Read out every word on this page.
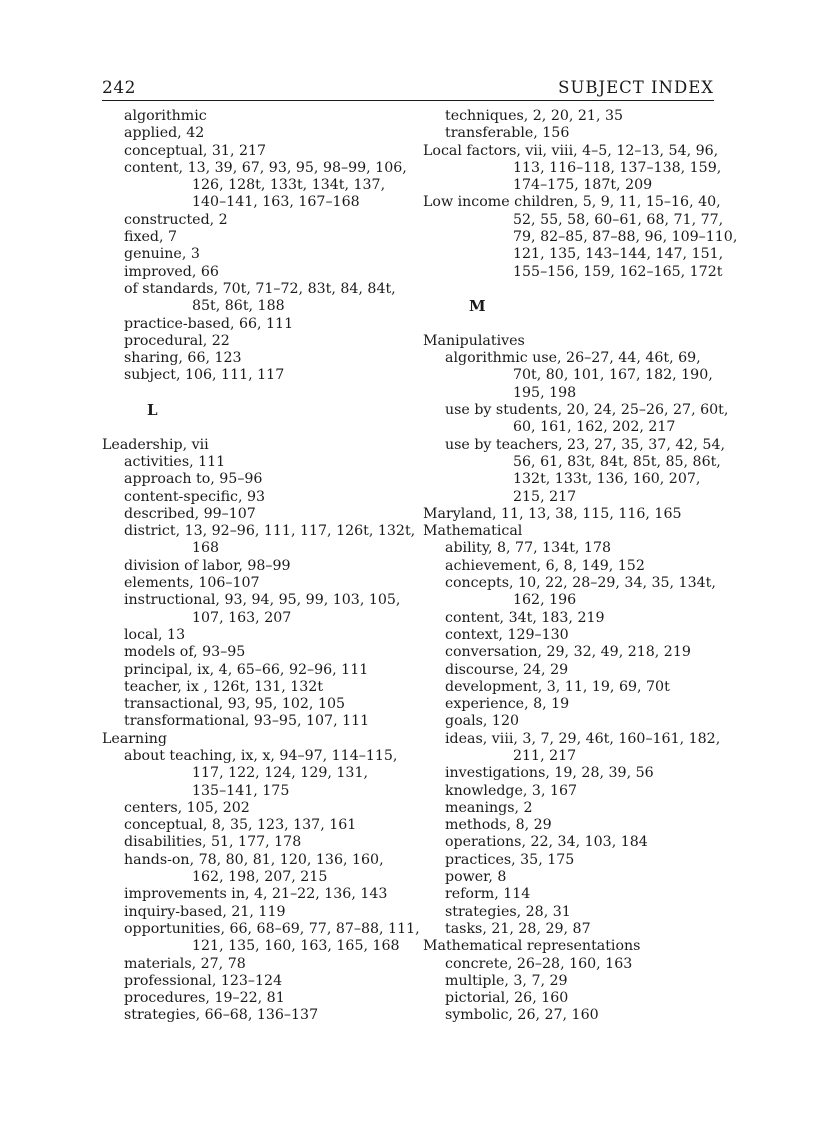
242	SUBJECT INDEX
algorithmic
applied, 42
conceptual, 31, 217
content, 13, 39, 67, 93, 95, 98–99, 106,
126, 128t, 133t, 134t, 137,
140–141, 163, 167–168
constructed, 2
fixed, 7
genuine, 3
improved, 66
of standards, 70t, 71–72, 83t, 84, 84t,
85t, 86t, 188
practice-based, 66, 111
procedural, 22
sharing, 66, 123
subject, 106, 111, 117
L
Leadership, vii
activities, 111
approach to, 95–96
content-specific, 93
described, 99–107
district, 13, 92–96, 111, 117, 126t, 132t,
168
division of labor, 98–99
elements, 106–107
instructional, 93, 94, 95, 99, 103, 105,
107, 163, 207
local, 13
models of, 93–95
principal, ix, 4, 65–66, 92–96, 111
teacher, ix , 126t, 131, 132t
transactional, 93, 95, 102, 105
transformational, 93–95, 107, 111
Learning
about teaching, ix, x, 94–97, 114–115,
117, 122, 124, 129, 131,
135–141, 175
centers, 105, 202
conceptual, 8, 35, 123, 137, 161
disabilities, 51, 177, 178
hands-on, 78, 80, 81, 120, 136, 160,
162, 198, 207, 215
improvements in, 4, 21–22, 136, 143
inquiry-based, 21, 119
opportunities, 66, 68–69, 77, 87–88, 111,
121, 135, 160, 163, 165, 168
materials, 27, 78
professional, 123–124
procedures, 19–22, 81
strategies, 66–68, 136–137
techniques, 2, 20, 21, 35
transferable, 156
Local factors, vii, viii, 4–5, 12–13, 54, 96,
113, 116–118, 137–138, 159,
174–175, 187t, 209
Low income children, 5, 9, 11, 15–16, 40,
52, 55, 58, 60–61, 68, 71, 77,
79, 82–85, 87–88, 96, 109–110,
121, 135, 143–144, 147, 151,
155–156, 159, 162–165, 172t
M
Manipulatives
algorithmic use, 26–27, 44, 46t, 69,
70t, 80, 101, 167, 182, 190,
195, 198
use by students, 20, 24, 25–26, 27, 60t,
60, 161, 162, 202, 217
use by teachers, 23, 27, 35, 37, 42, 54,
56, 61, 83t, 84t, 85t, 85, 86t,
132t, 133t, 136, 160, 207,
215, 217
Maryland, 11, 13, 38, 115, 116, 165
Mathematical
ability, 8, 77, 134t, 178
achievement, 6, 8, 149, 152
concepts, 10, 22, 28–29, 34, 35, 134t,
162, 196
content, 34t, 183, 219
context, 129–130
conversation, 29, 32, 49, 218, 219
discourse, 24, 29
development, 3, 11, 19, 69, 70t
experience, 8, 19
goals, 120
ideas, viii, 3, 7, 29, 46t, 160–161, 182,
211, 217
investigations, 19, 28, 39, 56
knowledge, 3, 167
meanings, 2
methods, 8, 29
operations, 22, 34, 103, 184
practices, 35, 175
power, 8
reform, 114
strategies, 28, 31
tasks, 21, 28, 29, 87
Mathematical representations
concrete, 26–28, 160, 163
multiple, 3, 7, 29
pictorial, 26, 160
symbolic, 26, 27, 160
